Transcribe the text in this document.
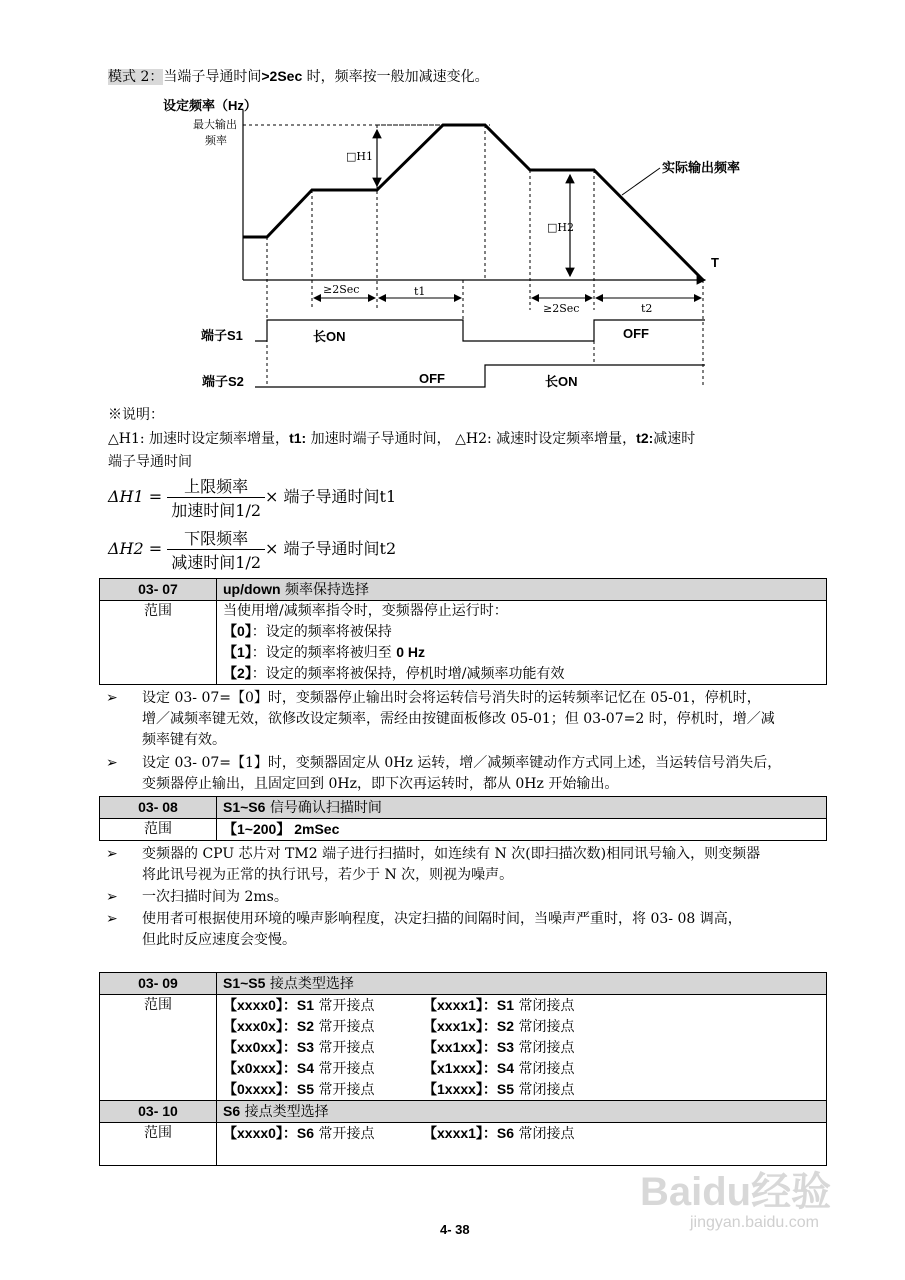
模式 2：当端子导通时间>2Sec 时，频率按一般加减速变化。
设定频率（Hz）
最大输出
频率
□H1
□H2
实际输出频率
T
≥2Sec	t1
≥2Sec	t2
端子S1	长ON	OFF
端子S2	OFF	长ON
※说明：
△H1: 加速时设定频率增量，t1: 加速时端子导通时间， △H2: 减速时设定频率增量，t2:减速时
端子导通时间
$\Delta H1 = \frac{\text{上限频率}}{\text{加速时间1/2}}$ × 端子导通时间t1
$\Delta H2 = \frac{\text{下限频率}}{\text{减速时间1/2}}$ × 端子导通时间t2
03- 07	up/down 频率保持选择
范围	当使用增/减频率指令时，变频器停止运行时：
【0】：设定的频率将被保持
【1】：设定的频率将被归至 0 Hz
【2】：设定的频率将被保持，停机时增/减频率功能有效
➢ 设定 03- 07=【0】时，变频器停止输出时会将运转信号消失时的运转频率记忆在 05-01，停机时，
增／减频率键无效，欲修改设定频率，需经由按键面板修改 05-01；但 03-07=2 时，停机时，增／减
频率键有效。
➢ 设定 03- 07=【1】时，变频器固定从 0Hz 运转，增／减频率键动作方式同上述，当运转信号消失后，
变频器停止输出，且固定回到 0Hz，即下次再运转时，都从 0Hz 开始输出。
03- 08	S1~S6 信号确认扫描时间
范围	【1~200】 2mSec
➢ 变频器的 CPU 芯片对 TM2 端子进行扫描时，如连续有 N 次(即扫描次数)相同讯号输入，则变频器
将此讯号视为正常的执行讯号，若少于 N 次，则视为噪声。
➢ 一次扫描时间为 2ms。
➢ 使用者可根据使用环境的噪声影响程度，决定扫描的间隔时间，当噪声严重时，将 03- 08 调高，
但此时反应速度会变慢。
03- 09	S1~S5 接点类型选择
范围	【xxxx0】：S1 常开接点 【xxxx1】：S1 常闭接点
【xxx0x】：S2 常开接点 【xxx1x】：S2 常闭接点
【xx0xx】：S3 常开接点 【xx1xx】：S3 常闭接点
【x0xxx】：S4 常开接点 【x1xxx】：S4 常闭接点
【0xxxx】：S5 常开接点 【1xxxx】：S5 常闭接点

03- 10	S6 接点类型选择
范围	【xxxx0】：S6 常开接点 【xxxx1】：S6 常闭接点
Baidu经验
jingyan.baidu.com
4- 38
